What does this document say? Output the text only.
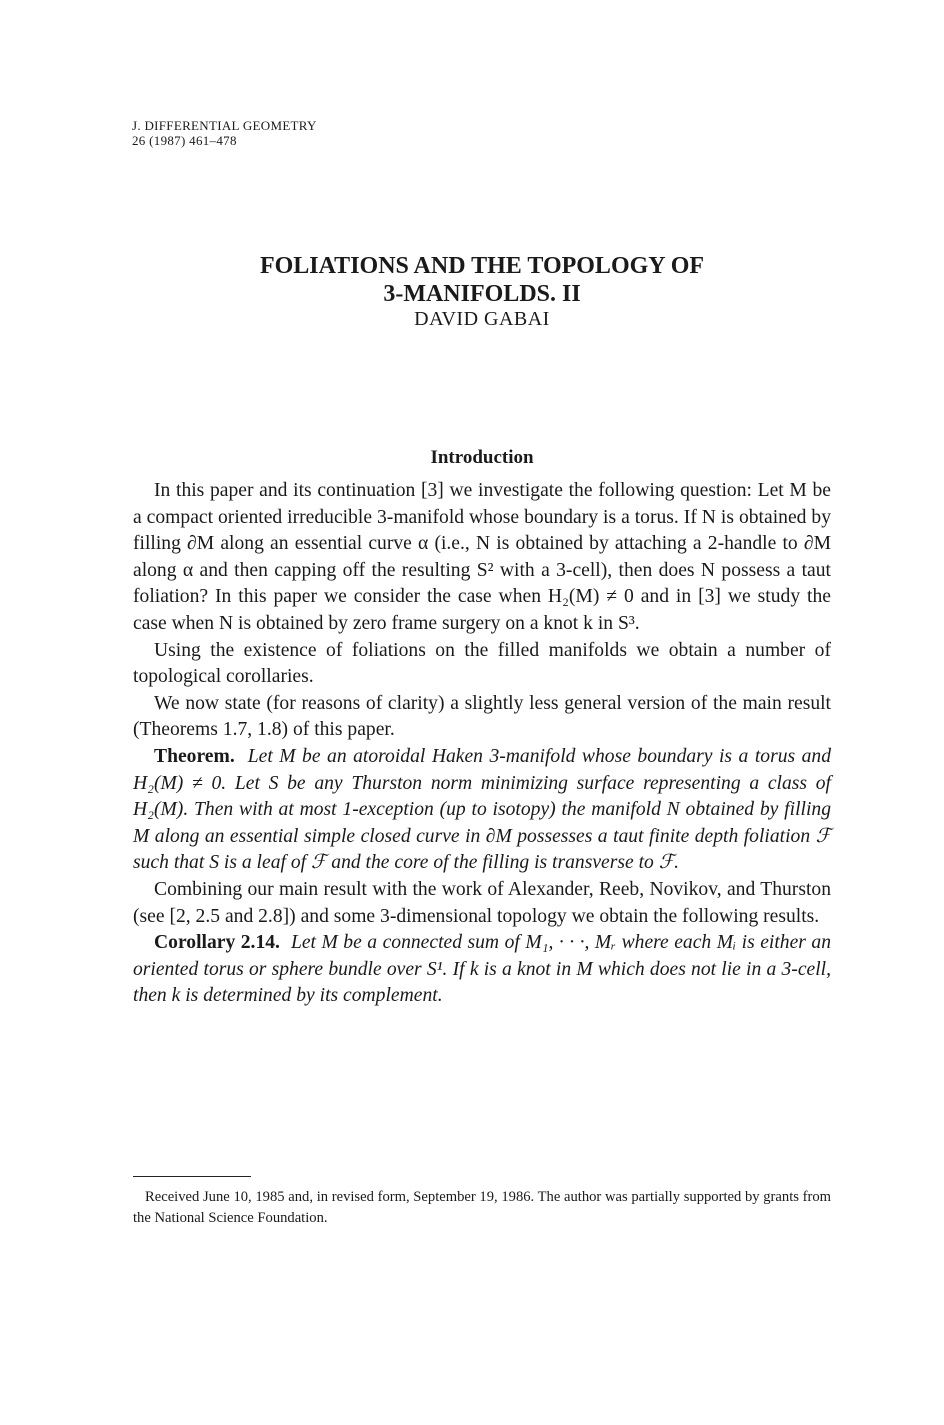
J. DIFFERENTIAL GEOMETRY
26 (1987) 461–478
FOLIATIONS AND THE TOPOLOGY OF
3-MANIFOLDS. II
DAVID GABAI
Introduction

In this paper and its continuation [3] we investigate the following question: Let M be a compact oriented irreducible 3-manifold whose boundary is a torus. If N is obtained by filling ∂M along an essential curve α (i.e., N is obtained by attaching a 2-handle to ∂M along α and then capping off the resulting S² with a 3-cell), then does N possess a taut foliation? In this paper we consider the case when H₂(M) ≠ 0 and in [3] we study the case when N is obtained by zero frame surgery on a knot k in S³.

Using the existence of foliations on the filled manifolds we obtain a number of topological corollaries.

We now state (for reasons of clarity) a slightly less general version of the main result (Theorems 1.7, 1.8) of this paper.

Theorem. Let M be an atoroidal Haken 3-manifold whose boundary is a torus and H₂(M) ≠ 0. Let S be any Thurston norm minimizing surface representing a class of H₂(M). Then with at most 1-exception (up to isotopy) the manifold N obtained by filling M along an essential simple closed curve in ∂M possesses a taut finite depth foliation ℱ such that S is a leaf of ℱ and the core of the filling is transverse to ℱ.

Combining our main result with the work of Alexander, Reeb, Novikov, and Thurston (see [2, 2.5 and 2.8]) and some 3-dimensional topology we obtain the following results.

Corollary 2.14. Let M be a connected sum of M₁, · · ·, Mᵣ where each Mᵢ is either an oriented torus or sphere bundle over S¹. If k is a knot in M which does not lie in a 3-cell, then k is determined by its complement.

Received June 10, 1985 and, in revised form, September 19, 1986. The author was partially supported by grants from the National Science Foundation.
